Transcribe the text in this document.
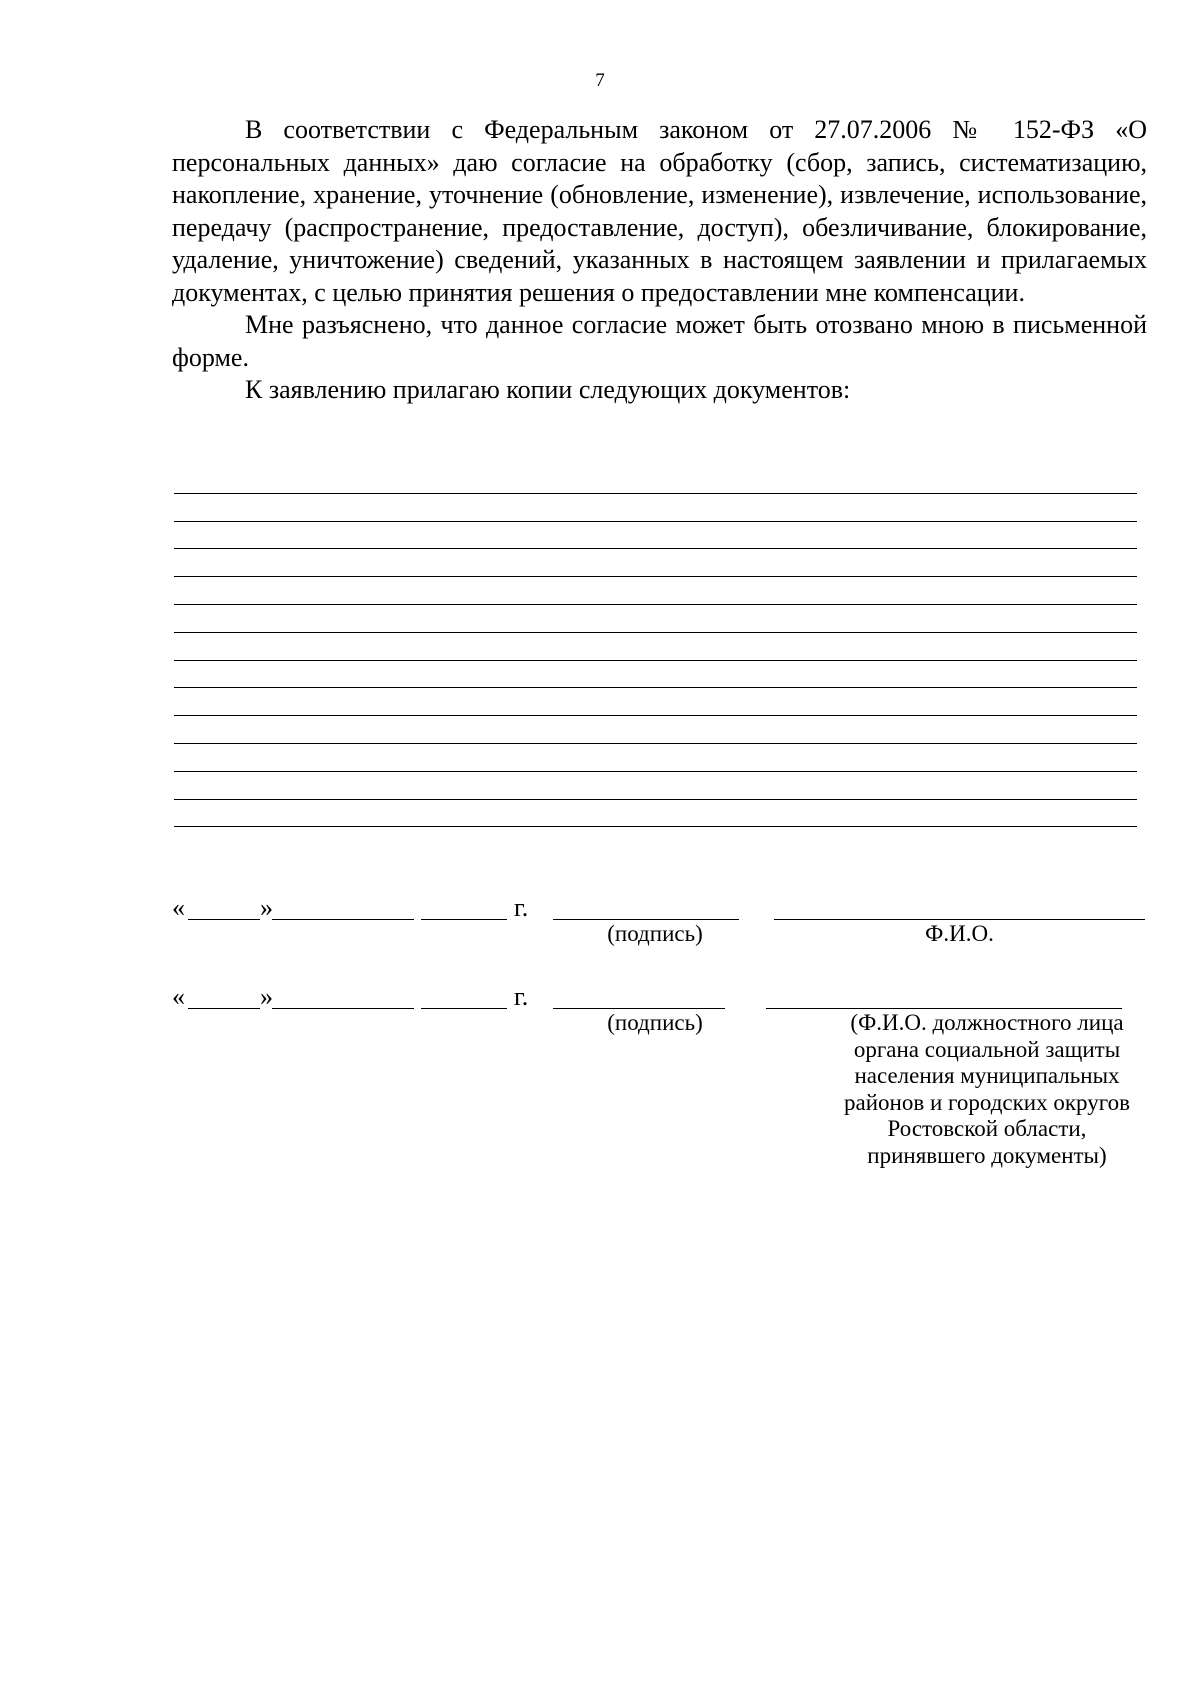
7

В соответствии с Федеральным законом от 27.07.2006 № 152-ФЗ «О персональных данных» даю согласие на обработку (сбор, запись, систематизацию, накопление, хранение, уточнение (обновление, изменение), извлечение, использование, передачу (распространение, предоставление, доступ), обезличивание, блокирование, удаление, уничтожение) сведений, указанных в настоящем заявлении и прилагаемых документах, с целью принятия решения о предоставлении мне компенсации.

Мне разъяснено, что данное согласие может быть отозвано мною в письменной форме.

К заявлению прилагаю копии следующих документов:

«	»	г.
(подпись)	Ф.И.О.
«	»	г.
(подпись)	(Ф.И.О. должностного лица
органа социальной защиты
населения муниципальных
районов и городских округов
Ростовской области,
принявшего документы)
